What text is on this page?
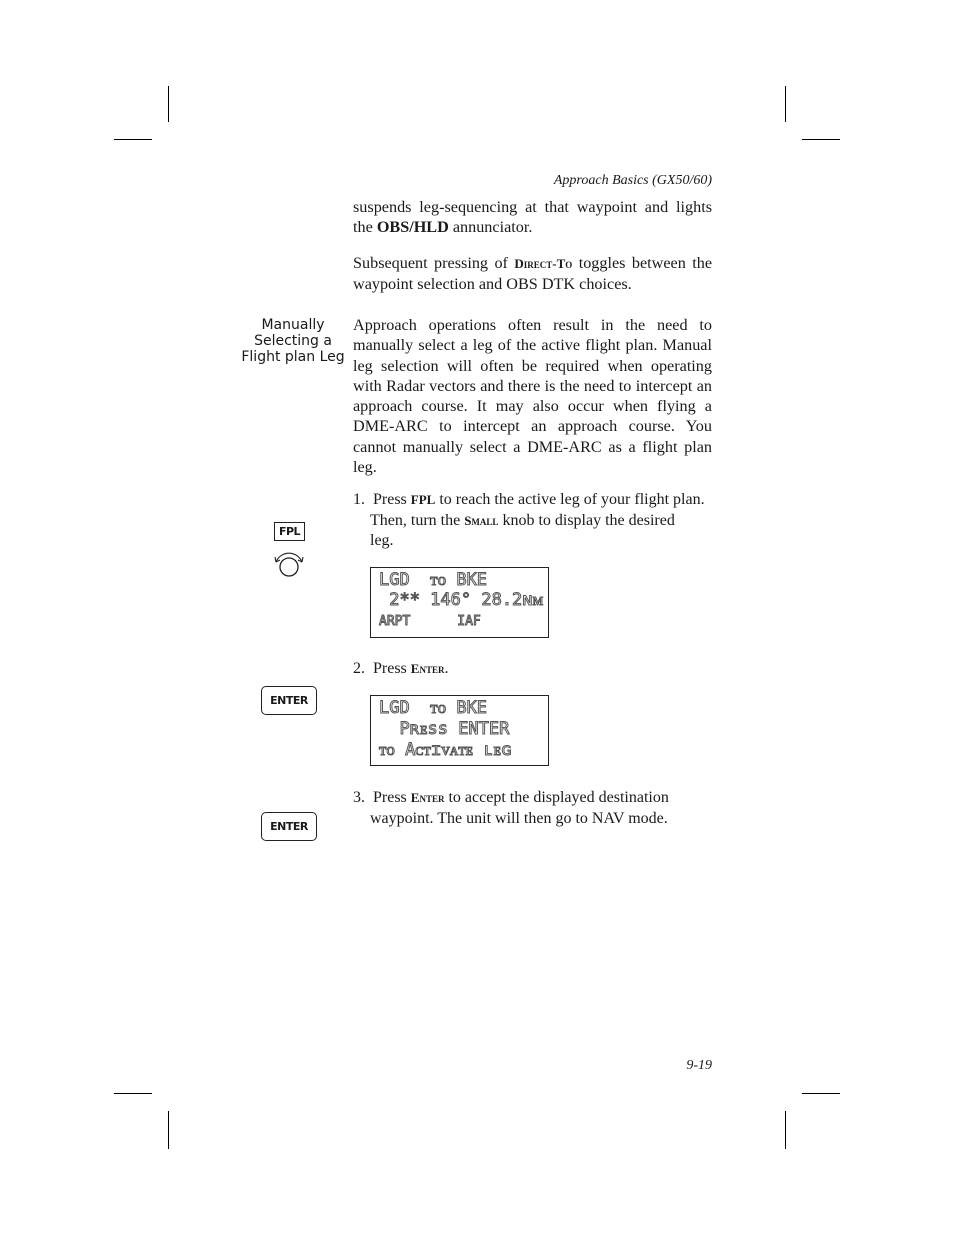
Approach Basics (GX50/60)
suspends leg-sequencing at that waypoint and lights the OBS/HLD annunciator.
Subsequent pressing of Direct-To toggles between the waypoint selection and OBS DTK choices.
Manually
Selecting a
Flight plan Leg
Approach operations often result in the need to manually select a leg of the active flight plan. Manual leg selection will often be required when operating with Radar vectors and there is the need to intercept an approach course. It may also occur when flying a DME-ARC to intercept an approach course. You cannot manually select a DME-ARC as a flight plan leg.
1. Press FPL to reach the active leg of your flight plan.
Then, turn the Small knob to display the desired
leg.
FPL
LGD  ᴛᴏ BKE
2** 146° 28.2ɴᴍ
ARPT      IAF
2. Press Enter.
ENTER	LGD  ᴛᴏ BKE
Pʀᴇss ENTER
ᴛᴏ Aᴄᴛɪᴠᴀᴛᴇ ʟᴇɢ
3. Press Enter to accept the displayed destination
waypoint. The unit will then go to NAV mode.
ENTER
9-19
